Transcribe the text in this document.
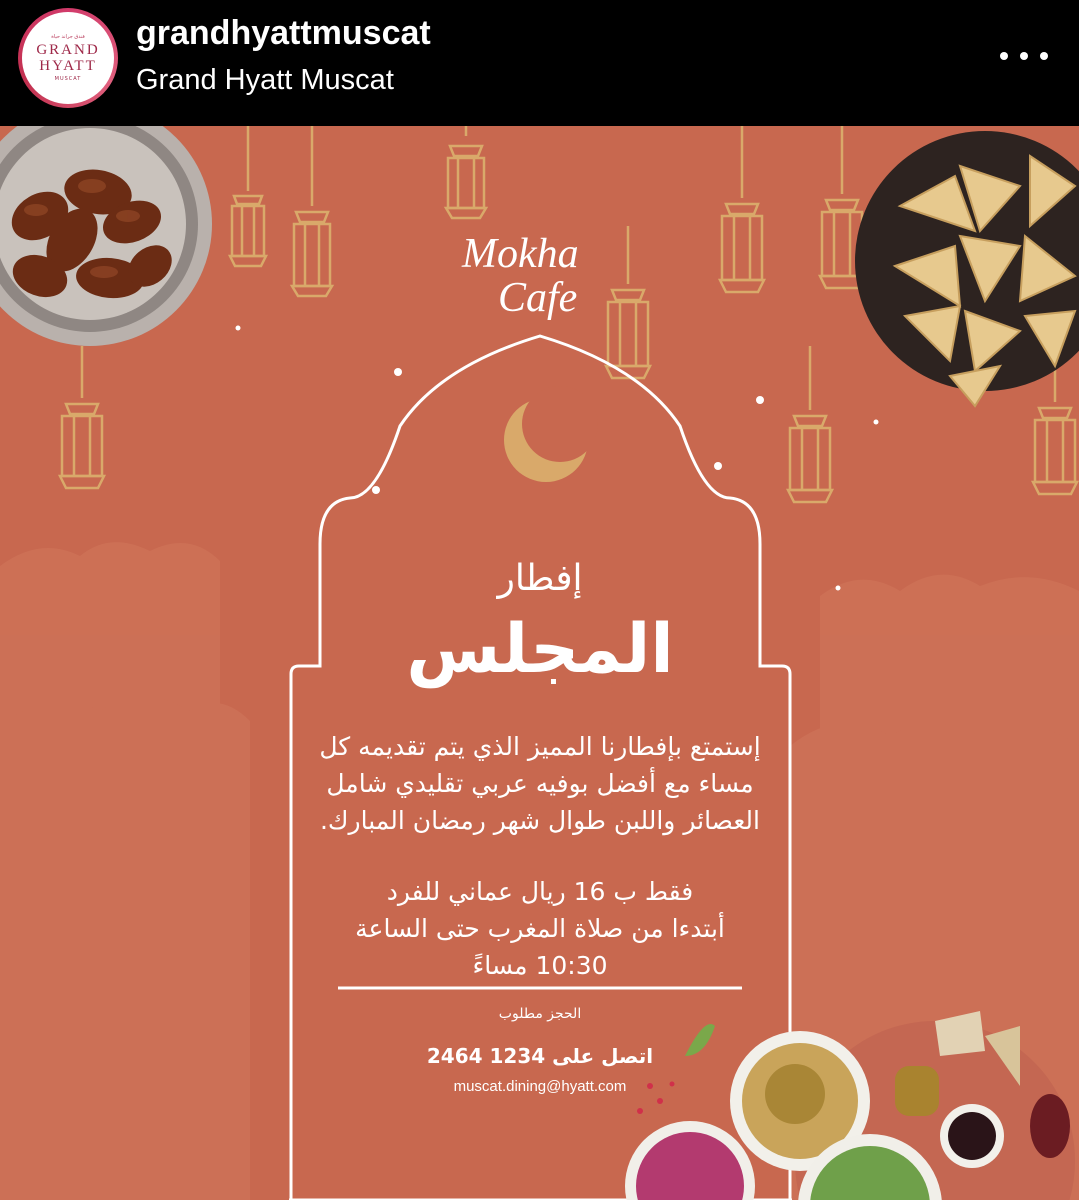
فندق جراند حياة
GRAND HYATT
MUSCAT
grandhyattmuscat
Grand Hyatt Muscat
Mokha
Cafe
إفطار
المجلس
إستمتع بإفطارنا المميز الذي يتم تقديمه كل مساء مع أفضل بوفيه عربي تقليدي شامل العصائر واللبن طوال شهر رمضان المبارك.
فقط ب 16 ريال عماني للفرد
أبتدءا من صلاة المغرب حتى الساعة 10:30 مساءً
الحجز مطلوب
اتصل على 2464 1234
muscat.dining@hyatt.com
